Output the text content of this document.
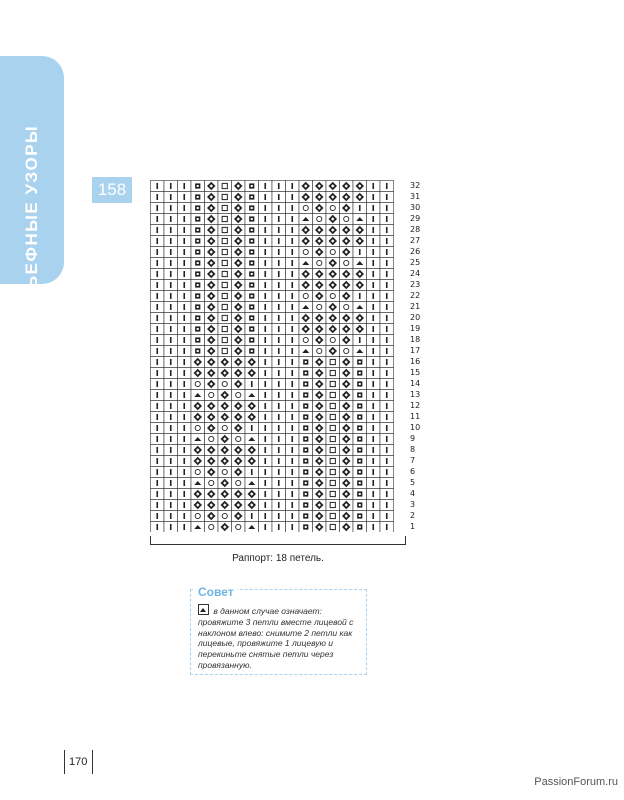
РЕЛЬЕФНЫЕ УЗОРЫ	158	32
31
30
29
28
27
26
25
24
23
22
21
20
19
18
17
16
15
14
13
12
11
10
9
8
7
6
5
4
3
2
1
Раппорт: 18 петель.
Совет
в данном случае означает: провяжите 3 петли вместе лицевой с наклоном влево: снимите 2 петли как лицевые, провяжите 1 лицевую и перекиньте снятые петли через провязанную.
170
PassionForum.ru
